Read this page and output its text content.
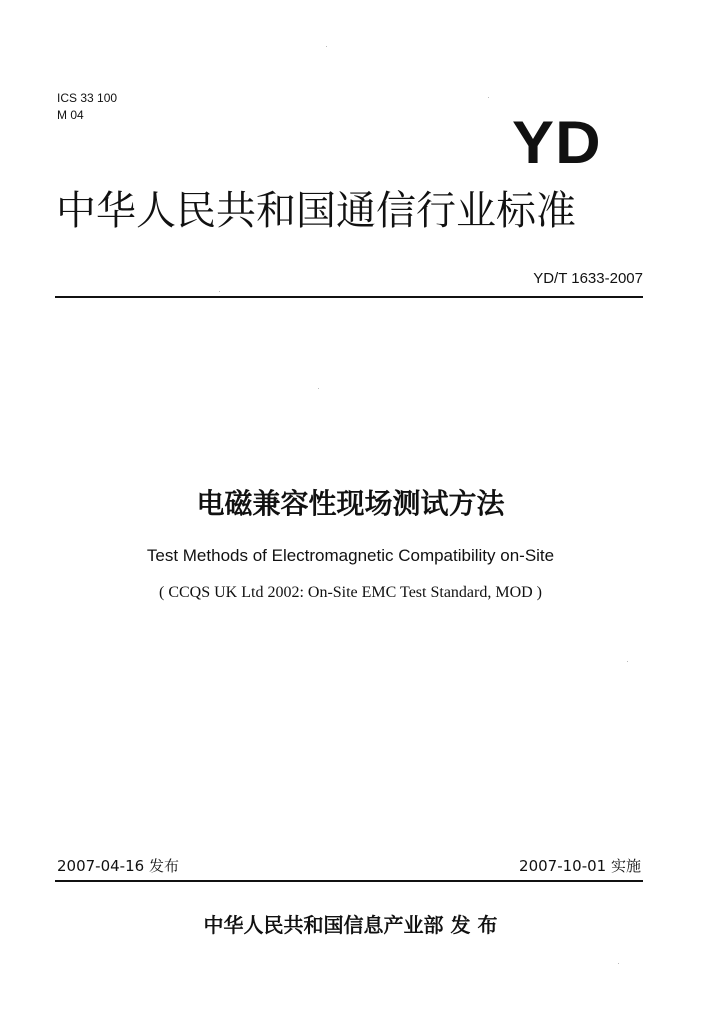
ICS 33 100
M 04	YD
中华人民共和国通信行业标准
YD/T 1633-2007
电磁兼容性现场测试方法
Test Methods of Electromagnetic Compatibility on-Site
( CCQS UK Ltd 2002: On-Site EMC Test Standard, MOD )
2007-04-16 发布	2007-10-01 实施
中华人民共和国信息产业部 发 布
